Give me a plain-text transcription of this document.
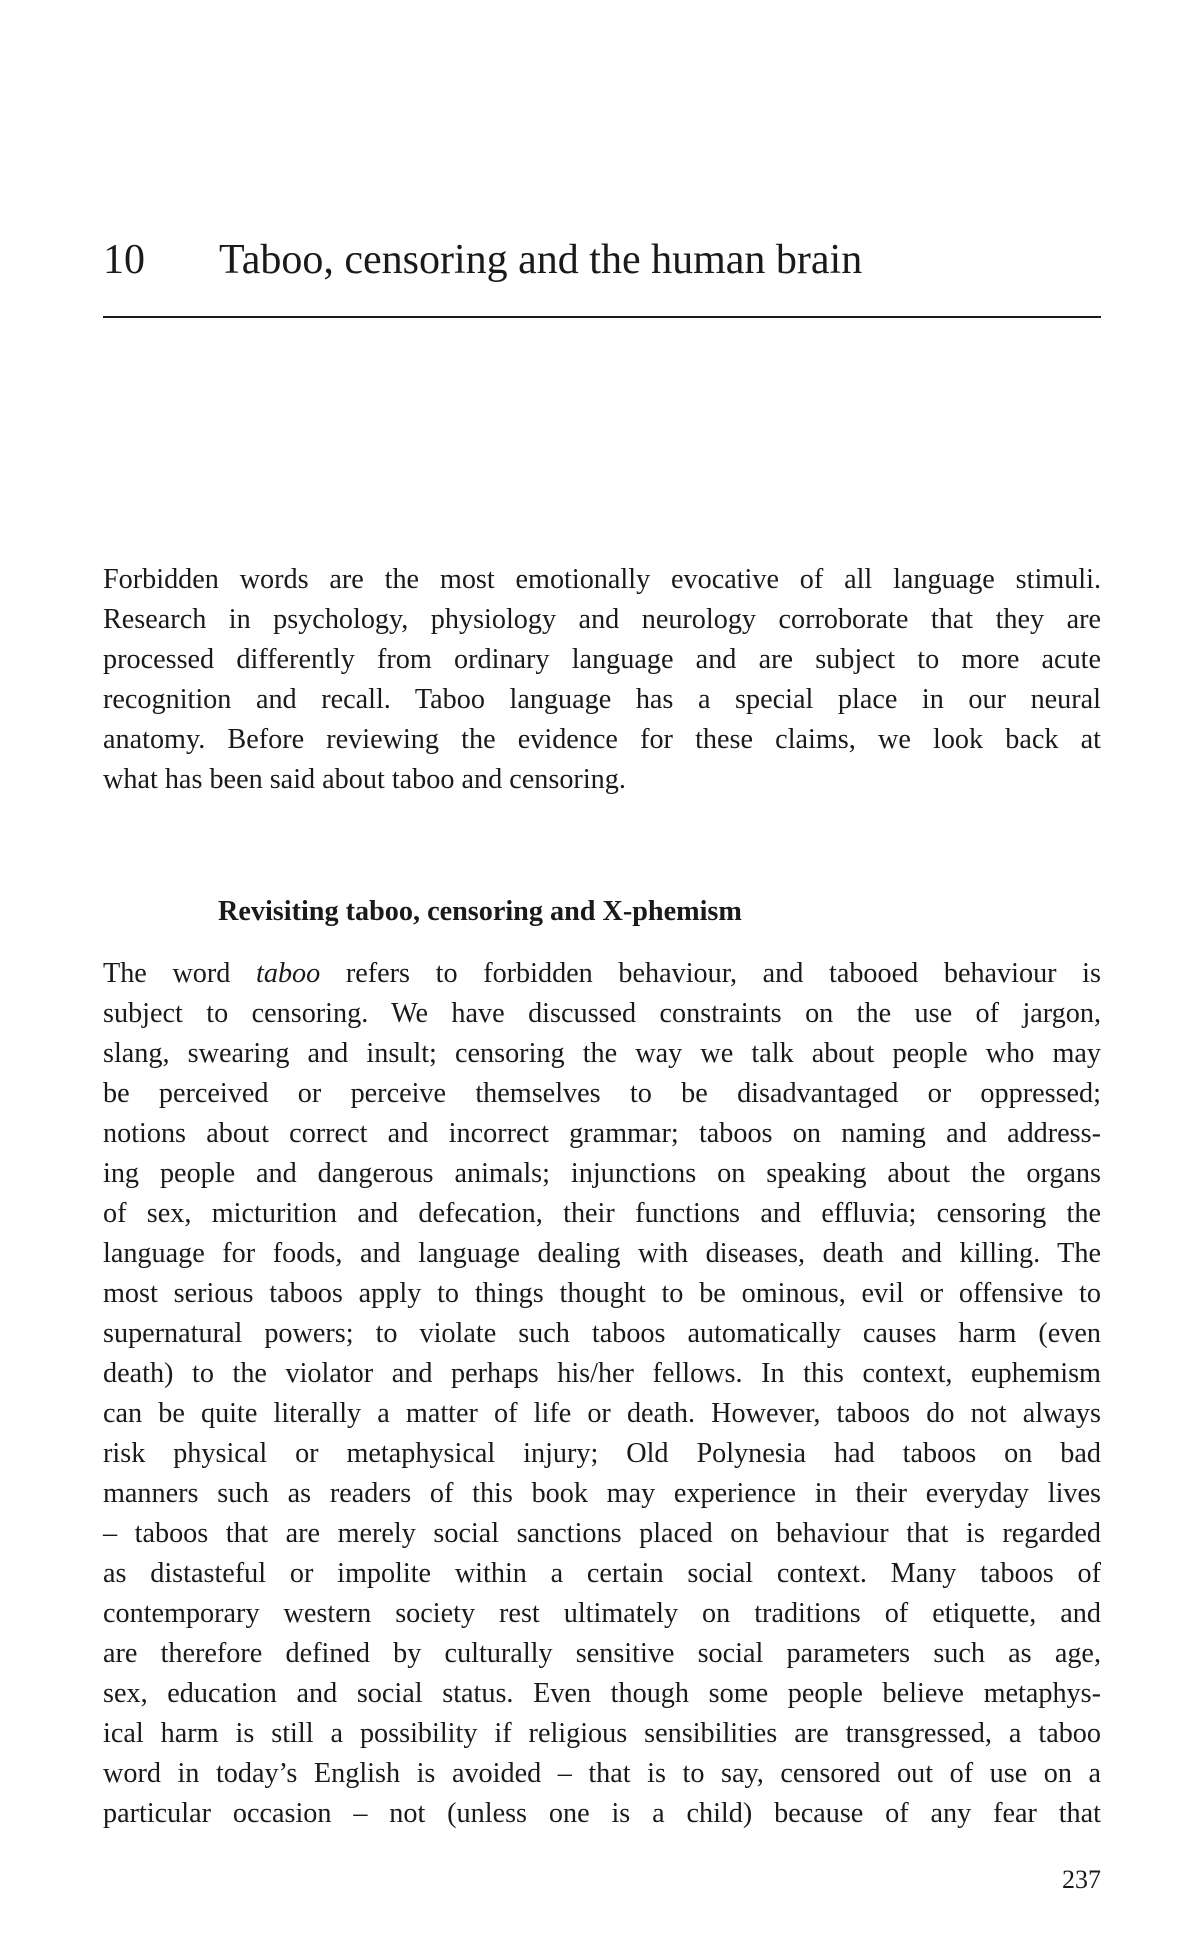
10 Taboo, censoring and the human brain
Forbidden words are the most emotionally evocative of all language stimuli.
Research in psychology, physiology and neurology corroborate that they are
processed differently from ordinary language and are subject to more acute
recognition and recall. Taboo language has a special place in our neural
anatomy. Before reviewing the evidence for these claims, we look back at
what has been said about taboo and censoring.
Revisiting taboo, censoring and X-phemism
The word taboo refers to forbidden behaviour, and tabooed behaviour is
subject to censoring. We have discussed constraints on the use of jargon,
slang, swearing and insult; censoring the way we talk about people who may
be perceived or perceive themselves to be disadvantaged or oppressed;
notions about correct and incorrect grammar; taboos on naming and address-
ing people and dangerous animals; injunctions on speaking about the organs
of sex, micturition and defecation, their functions and effluvia; censoring the
language for foods, and language dealing with diseases, death and killing. The
most serious taboos apply to things thought to be ominous, evil or offensive to
supernatural powers; to violate such taboos automatically causes harm (even
death) to the violator and perhaps his/her fellows. In this context, euphemism
can be quite literally a matter of life or death. However, taboos do not always
risk physical or metaphysical injury; Old Polynesia had taboos on bad
manners such as readers of this book may experience in their everyday lives
– taboos that are merely social sanctions placed on behaviour that is regarded
as distasteful or impolite within a certain social context. Many taboos of
contemporary western society rest ultimately on traditions of etiquette, and
are therefore defined by culturally sensitive social parameters such as age,
sex, education and social status. Even though some people believe metaphys-
ical harm is still a possibility if religious sensibilities are transgressed, a taboo
word in today’s English is avoided – that is to say, censored out of use on a
particular occasion – not (unless one is a child) because of any fear that
237
